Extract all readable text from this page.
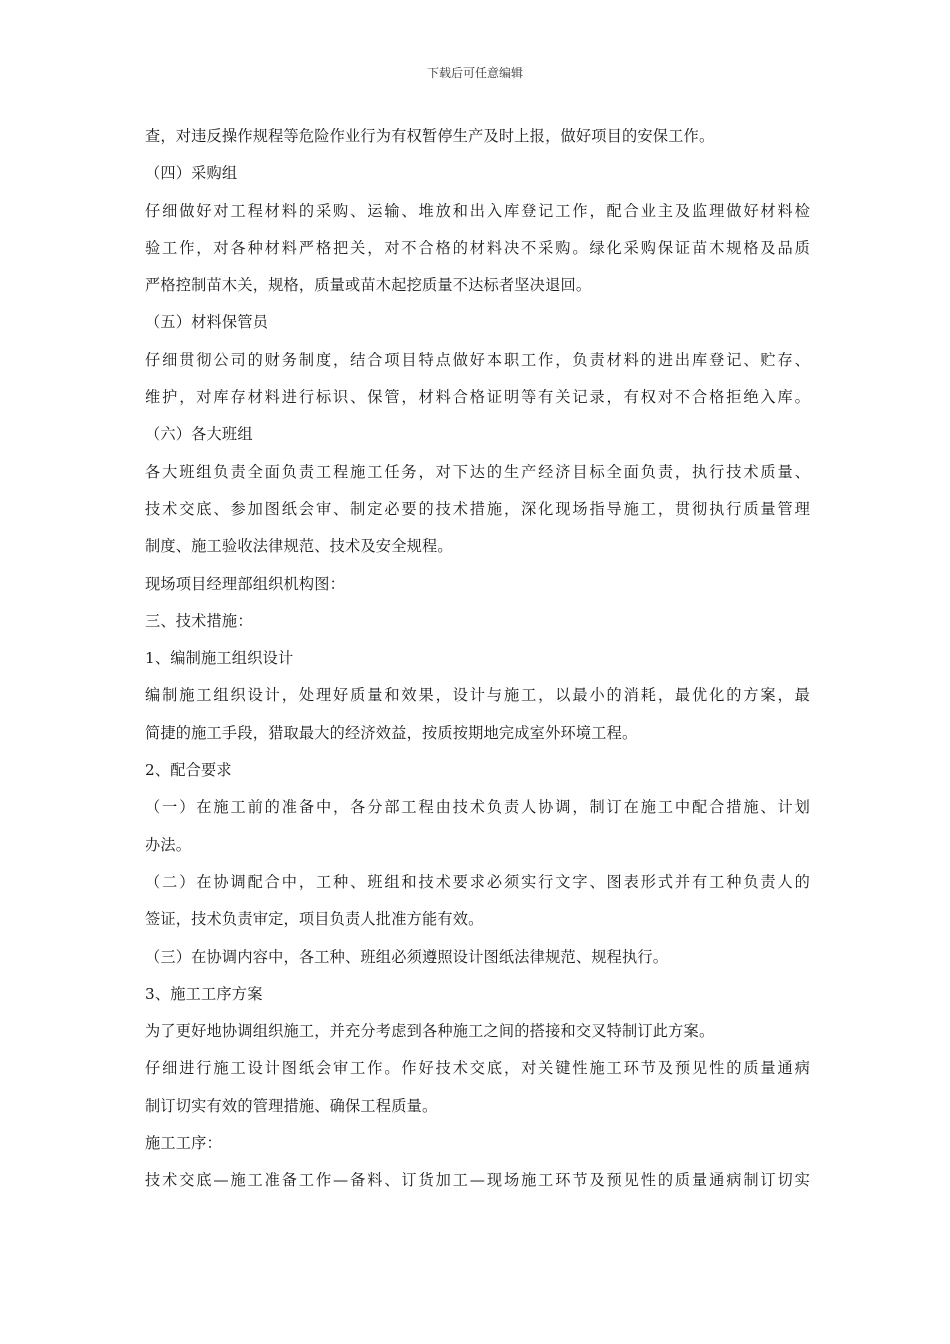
下载后可任意编辑
查，对违反操作规程等危险作业行为有权暂停生产及时上报，做好项目的安保工作。
（四）采购组
仔细做好对工程材料的采购、运输、堆放和出入库登记工作，配合业主及监理做好材料检
验工作，对各种材料严格把关，对不合格的材料决不采购。绿化采购保证苗木规格及品质
严格控制苗木关，规格，质量或苗木起挖质量不达标者坚决退回。
（五）材料保管员
仔细贯彻公司的财务制度，结合项目特点做好本职工作，负责材料的进出库登记、贮存、
维护，对库存材料进行标识、保管，材料合格证明等有关记录，有权对不合格拒绝入库。
（六）各大班组
各大班组负责全面负责工程施工任务，对下达的生产经济目标全面负责，执行技术质量、
技术交底、参加图纸会审、制定必要的技术措施，深化现场指导施工，贯彻执行质量管理
制度、施工验收法律规范、技术及安全规程。
现场项目经理部组织机构图：
三、技术措施：
1、编制施工组织设计
编制施工组织设计，处理好质量和效果，设计与施工，以最小的消耗，最优化的方案，最
简捷的施工手段，猎取最大的经济效益，按质按期地完成室外环境工程。
2、配合要求
（一）在施工前的准备中，各分部工程由技术负责人协调，制订在施工中配合措施、计划
办法。
（二）在协调配合中，工种、班组和技术要求必须实行文字、图表形式并有工种负责人的
签证，技术负责审定，项目负责人批准方能有效。
（三）在协调内容中，各工种、班组必须遵照设计图纸法律规范、规程执行。
3、施工工序方案
为了更好地协调组织施工，并充分考虑到各种施工之间的搭接和交叉特制订此方案。
仔细进行施工设计图纸会审工作。作好技术交底，对关键性施工环节及预见性的质量通病
制订切实有效的管理措施、确保工程质量。
施工工序：
技术交底—施工准备工作—备料、订货加工—现场施工环节及预见性的质量通病制订切实
